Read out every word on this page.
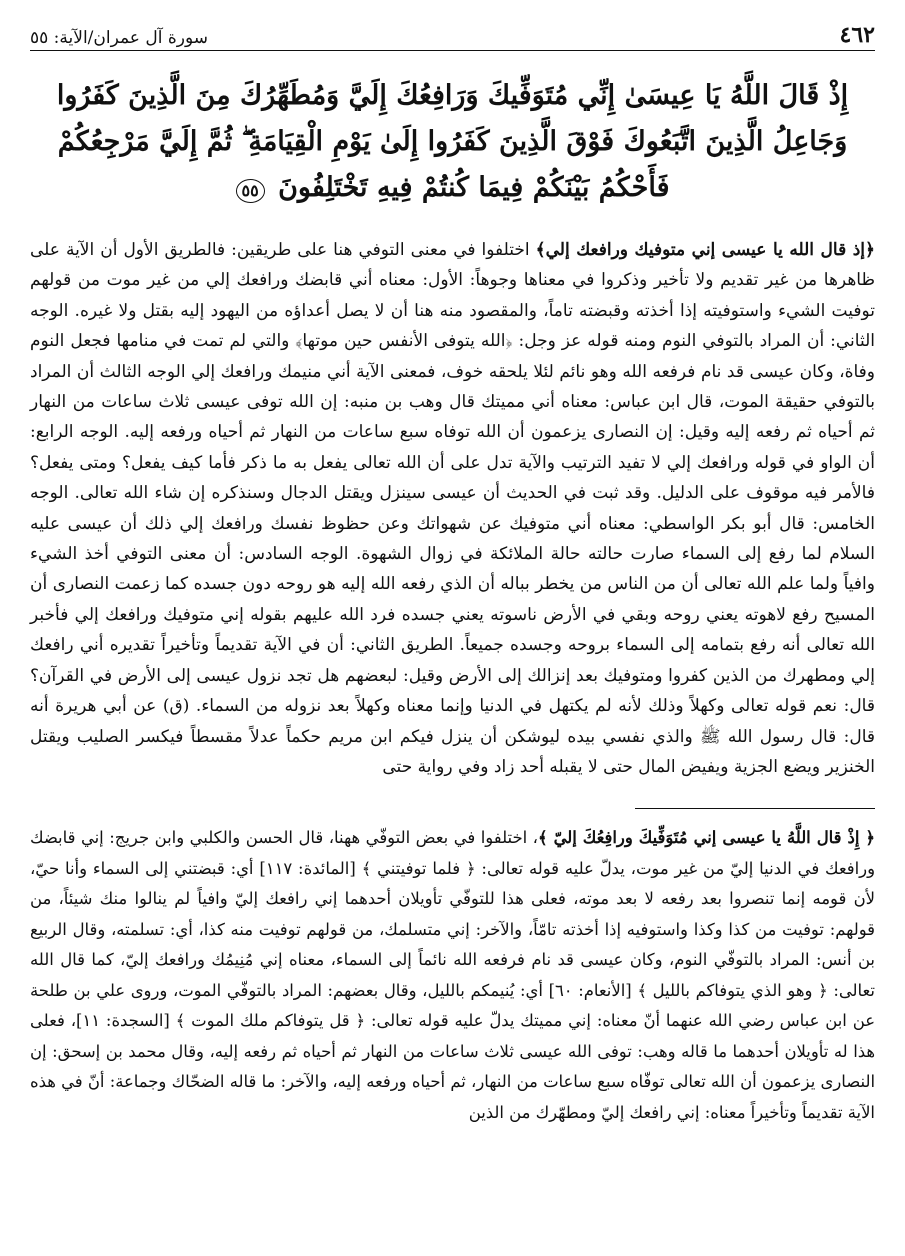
٤٦٢
سورة آل عمران/الآية: ٥٥
إِذْ قَالَ اللَّهُ يَا عِيسَىٰ إِنِّي مُتَوَفِّيكَ وَرَافِعُكَ إِلَيَّ وَمُطَهِّرُكَ مِنَ الَّذِينَ كَفَرُوا وَجَاعِلُ الَّذِينَ اتَّبَعُوكَ فَوْقَ الَّذِينَ كَفَرُوا إِلَىٰ يَوْمِ الْقِيَامَةِ ۖ ثُمَّ إِلَيَّ مَرْجِعُكُمْ فَأَحْكُمُ بَيْنَكُمْ فِيمَا كُنتُمْ فِيهِ تَخْتَلِفُونَ ٥٥

﴿إذ قال الله يا عيسى إني متوفيك ورافعك إلي﴾ اختلفوا في معنى التوفي هنا على طريقين: فالطريق الأول أن الآية على ظاهرها من غير تقديم ولا تأخير وذكروا في معناها وجوهاً: الأول: معناه أني قابضك ورافعك إلي من غير موت من قولهم توفيت الشيء واستوفيته إذا أخذته وقبضته تاماً، والمقصود منه هنا أن لا يصل أعداؤه من اليهود إليه بقتل ولا غيره. الوجه الثاني: أن المراد بالتوفي النوم ومنه قوله عز وجل: ﴿الله يتوفى الأنفس حين موتها﴾ والتي لم تمت في منامها فجعل النوم وفاة، وكان عيسى قد نام فرفعه الله وهو نائم لئلا يلحقه خوف، فمعنى الآية أني منيمك ورافعك إلي الوجه الثالث أن المراد بالتوفي حقيقة الموت، قال ابن عباس: معناه أني مميتك قال وهب بن منبه: إن الله توفى عيسى ثلاث ساعات من النهار ثم أحياه ثم رفعه إليه وقيل: إن النصارى يزعمون أن الله توفاه سبع ساعات من النهار ثم أحياه ورفعه إليه. الوجه الرابع: أن الواو في قوله ورافعك إلي لا تفيد الترتيب والآية تدل على أن الله تعالى يفعل به ما ذكر فأما كيف يفعل؟ ومتى يفعل؟ فالأمر فيه موقوف على الدليل. وقد ثبت في الحديث أن عيسى سينزل ويقتل الدجال وسنذكره إن شاء الله تعالى. الوجه الخامس: قال أبو بكر الواسطي: معناه أني متوفيك عن شهواتك وعن حظوظ نفسك ورافعك إلي ذلك أن عيسى عليه السلام لما رفع إلى السماء صارت حالته حالة الملائكة في زوال الشهوة. الوجه السادس: أن معنى التوفي أخذ الشيء وافياً ولما علم الله تعالى أن من الناس من يخطر بباله أن الذي رفعه الله إليه هو روحه دون جسده كما زعمت النصارى أن المسيح رفع لاهوته يعني روحه وبقي في الأرض ناسوته يعني جسده فرد الله عليهم بقوله إني متوفيك ورافعك إلي فأخبر الله تعالى أنه رفع بتمامه إلى السماء بروحه وجسده جميعاً. الطريق الثاني: أن في الآية تقديماً وتأخيراً تقديره أني رافعك إلي ومطهرك من الذين كفروا ومتوفيك بعد إنزالك إلى الأرض وقيل: لبعضهم هل تجد نزول عيسى إلى الأرض في القرآن؟ قال: نعم قوله تعالى وكهلاً وذلك لأنه لم يكتهل في الدنيا وإنما معناه وكهلاً بعد نزوله من السماء. (ق) عن أبي هريرة أنه قال: قال رسول الله ﷺ والذي نفسي بيده ليوشكن أن ينزل فيكم ابن مريم حكماً عدلاً مقسطاً فيكسر الصليب ويقتل الخنزير ويضع الجزية ويفيض المال حتى لا يقبله أحد زاد وفي رواية حتى

﴿ إِذْ قال اللَّهُ يا عيسى إني مُتَوَفِّيكَ ورافِعُكَ إليّ ﴾، اختلفوا في بعض التوفّي ههنا، قال الحسن والكلبي وابن جريج: إني قابضك ورافعك في الدنيا إليّ من غير موت، يدلّ عليه قوله تعالى: ﴿ فلما توفيتني ﴾ [المائدة: ١١٧] أي: قبضتني إلى السماء وأنا حيّ، لأن قومه إنما تنصروا بعد رفعه لا بعد موته، فعلى هذا للتوفّي تأويلان أحدهما إني رافعك إليّ وافياً لم ينالوا منك شيئاً، من قولهم: توفيت من كذا وكذا واستوفيه إذا أخذته تامّاً، والآخر: إني متسلمك، من قولهم توفيت منه كذا، أي: تسلمته، وقال الربيع بن أنس: المراد بالتوفّي النوم، وكان عيسى قد نام فرفعه الله نائماً إلى السماء، معناه إني مُنِيمُك ورافعك إليّ، كما قال الله تعالى: ﴿ وهو الذي يتوفاكم بالليل ﴾ [الأنعام: ٦٠] أي: يُنيمكم بالليل، وقال بعضهم: المراد بالتوفّي الموت، وروى علي بن طلحة عن ابن عباس رضي الله عنهما أنّ معناه: إني مميتك يدلّ عليه قوله تعالى: ﴿ قل يتوفاكم ملك الموت ﴾ [السجدة: ١١]، فعلى هذا له تأويلان أحدهما ما قاله وهب: توفى الله عيسى ثلاث ساعات من النهار ثم أحياه ثم رفعه إليه، وقال محمد بن إسحق: إن النصارى يزعمون أن الله تعالى توفّاه سبع ساعات من النهار، ثم أحياه ورفعه إليه، والآخر: ما قاله الضحّاك وجماعة: أنّ في هذه الآية تقديماً وتأخيراً معناه: إني رافعك إليّ ومطهّرك من الذين
